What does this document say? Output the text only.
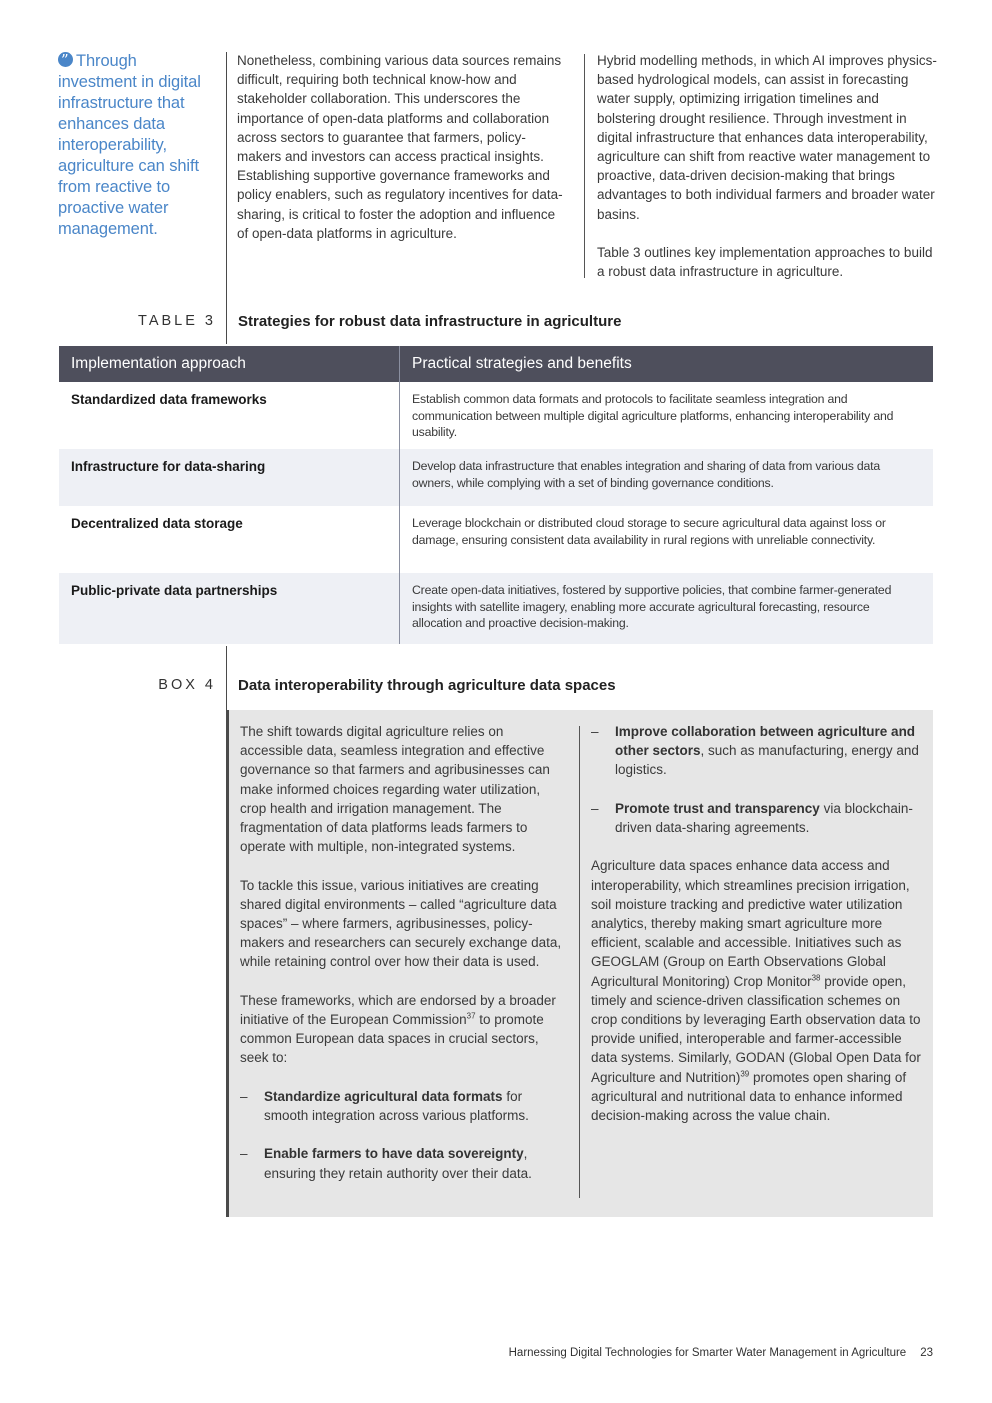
”Through investment in digital infrastructure that enhances data interoperability, agriculture can shift from reactive to proactive water management.

Nonetheless, combining various data sources remains difficult, requiring both technical know-how and stakeholder collaboration. This underscores the importance of open-data platforms and collaboration across sectors to guarantee that farmers, policy-makers and investors can access practical insights. Establishing supportive governance frameworks and policy enablers, such as regulatory incentives for data-sharing, is critical to foster the adoption and influence of open-data platforms in agriculture.

Hybrid modelling methods, in which AI improves physics-based hydrological models, can assist in forecasting water supply, optimizing irrigation timelines and bolstering drought resilience. Through investment in digital infrastructure that enhances data interoperability, agriculture can shift from reactive water management to proactive, data-driven decision-making that brings advantages to both individual farmers and broader water basins.

Table 3 outlines key implementation approaches to build a robust data infrastructure in agriculture.

TABLE 3 Strategies for robust data infrastructure in agriculture
Implementation approach	Practical strategies and benefits
Standardized data frameworks	Establish common data formats and protocols to facilitate seamless integration and communication between multiple digital agriculture platforms, enhancing interoperability and usability.
Infrastructure for data-sharing	Develop data infrastructure that enables integration and sharing of data from various data owners, while complying with a set of binding governance conditions.
Decentralized data storage	Leverage blockchain or distributed cloud storage to secure agricultural data against loss or damage, ensuring consistent data availability in rural regions with unreliable connectivity.
Public-private data partnerships	Create open-data initiatives, fostered by supportive policies, that combine farmer-generated insights with satellite imagery, enabling more accurate agricultural forecasting, resource allocation and proactive decision-making.
BOX 4 Data interoperability through agriculture data spaces

The shift towards digital agriculture relies on accessible data, seamless integration and effective governance so that farmers and agribusinesses can make informed choices regarding water utilization, crop health and irrigation management. The fragmentation of data platforms leads farmers to operate with multiple, non-integrated systems.

To tackle this issue, various initiatives are creating shared digital environments – called “agriculture data spaces” – where farmers, agribusinesses, policy-makers and researchers can securely exchange data, while retaining control over how their data is used.

These frameworks, which are endorsed by a broader initiative of the European Commission$^{37}$ to promote common European data spaces in crucial sectors, seek to:

– Standardize agricultural data formats for smooth integration across various platforms.
– Enable farmers to have data sovereignty, ensuring they retain authority over their data.
– Improve collaboration between agriculture and other sectors, such as manufacturing, energy and logistics.
– Promote trust and transparency via blockchain-driven data-sharing agreements.

Agriculture data spaces enhance data access and interoperability, which streamlines precision irrigation, soil moisture tracking and predictive water utilization analytics, thereby making smart agriculture more efficient, scalable and accessible. Initiatives such as GEOGLAM (Group on Earth Observations Global Agricultural Monitoring) Crop Monitor$^{38}$ provide open, timely and science-driven classification schemes on crop conditions by leveraging Earth observation data to provide unified, interoperable and farmer-accessible data systems. Similarly, GODAN (Global Open Data for Agriculture and Nutrition)$^{39}$ promotes open sharing of agricultural and nutritional data to enhance informed decision-making across the value chain.

Harnessing Digital Technologies for Smarter Water Management in Agriculture 23
